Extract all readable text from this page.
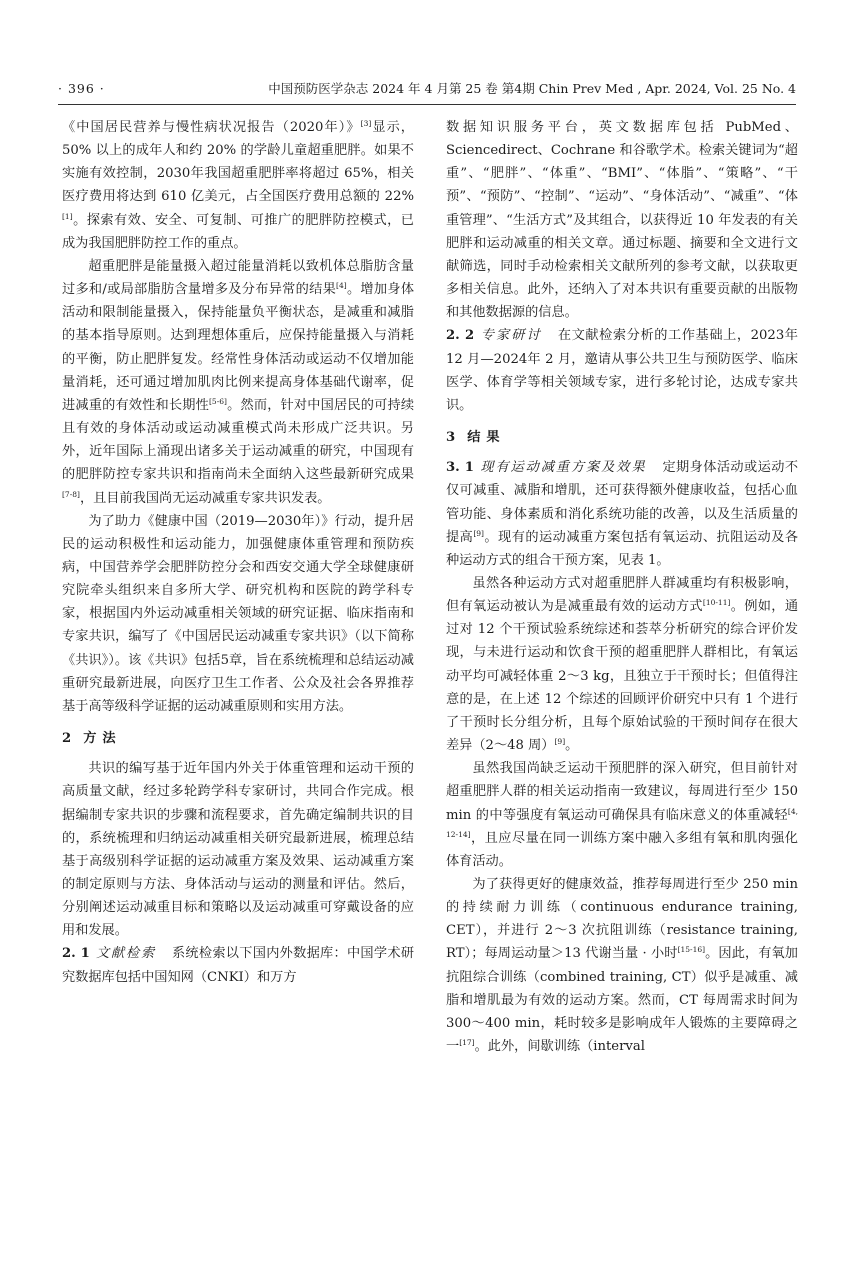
· 396 ·	中国预防医学杂志 2024 年 4 月第 25 卷 第4期 Chin Prev Med , Apr. 2024, Vol. 25 No. 4

《中国居民营养与慢性病状况报告（2020年）》[3]显示，50% 以上的成年人和约 20% 的学龄儿童超重肥胖。如果不实施有效控制，2030年我国超重肥胖率将超过 65%，相关医疗费用将达到 610 亿美元，占全国医疗费用总额的 22%[1]。探索有效、安全、可复制、可推广的肥胖防控模式，已成为我国肥胖防控工作的重点。

超重肥胖是能量摄入超过能量消耗以致机体总脂肪含量过多和/或局部脂肪含量增多及分布异常的结果[4]。增加身体活动和限制能量摄入，保持能量负平衡状态，是减重和减脂的基本指导原则。达到理想体重后，应保持能量摄入与消耗的平衡，防止肥胖复发。经常性身体活动或运动不仅增加能量消耗，还可通过增加肌肉比例来提高身体基础代谢率，促进减重的有效性和长期性[5-6]。然而，针对中国居民的可持续且有效的身体活动或运动减重模式尚未形成广泛共识。另外，近年国际上涌现出诸多关于运动减重的研究，中国现有的肥胖防控专家共识和指南尚未全面纳入这些最新研究成果[7-8]，且目前我国尚无运动减重专家共识发表。

为了助力《健康中国（2019—2030年）》行动，提升居民的运动积极性和运动能力，加强健康体重管理和预防疾病，中国营养学会肥胖防控分会和西安交通大学全球健康研究院牵头组织来自多所大学、研究机构和医院的跨学科专家，根据国内外运动减重相关领域的研究证据、临床指南和专家共识，编写了《中国居民运动减重专家共识》（以下简称《共识》）。该《共识》包括5章，旨在系统梳理和总结运动减重研究最新进展，向医疗卫生工作者、公众及社会各界推荐基于高等级科学证据的运动减重原则和实用方法。

2 方法

共识的编写基于近年国内外关于体重管理和运动干预的高质量文献，经过多轮跨学科专家研讨，共同合作完成。根据编制专家共识的步骤和流程要求，首先确定编制共识的目的，系统梳理和归纳运动减重相关研究最新进展，梳理总结基于高级别科学证据的运动减重方案及效果、运动减重方案的制定原则与方法、身体活动与运动的测量和评估。然后，分别阐述运动减重目标和策略以及运动减重可穿戴设备的应用和发展。

2. 1 文献检索 系统检索以下国内外数据库：中国学术研究数据库包括中国知网（CNKI）和万方

数据知识服务平台，英文数据库包括 PubMed、Sciencedirect、Cochrane 和谷歌学术。检索关键词为“超重”、“肥胖”、“体重”、“BMI”、“体脂”、“策略”、“干预”、“预防”、“控制”、“运动”、“身体活动”、“减重”、“体重管理”、“生活方式”及其组合，以获得近 10 年发表的有关肥胖和运动减重的相关文章。通过标题、摘要和全文进行文献筛选，同时手动检索相关文献所列的参考文献，以获取更多相关信息。此外，还纳入了对本共识有重要贡献的出版物和其他数据源的信息。

2. 2 专家研讨 在文献检索分析的工作基础上，2023年 12 月—2024年 2 月，邀请从事公共卫生与预防医学、临床医学、体育学等相关领域专家，进行多轮讨论，达成专家共识。

3 结果

3. 1 现有运动减重方案及效果 定期身体活动或运动不仅可减重、减脂和增肌，还可获得额外健康收益，包括心血管功能、身体素质和消化系统功能的改善，以及生活质量的提高[9]。现有的运动减重方案包括有氧运动、抗阻运动及各种运动方式的组合干预方案，见表 1。

虽然各种运动方式对超重肥胖人群减重均有积极影响，但有氧运动被认为是减重最有效的运动方式[10-11]。例如，通过对 12 个干预试验系统综述和荟萃分析研究的综合评价发现，与未进行运动和饮食干预的超重肥胖人群相比，有氧运动平均可减轻体重 2～3 kg，且独立于干预时长；但值得注意的是，在上述 12 个综述的回顾评价研究中只有 1 个进行了干预时长分组分析，且每个原始试验的干预时间存在很大差异（2～48 周）[9]。

虽然我国尚缺乏运动干预肥胖的深入研究，但目前针对超重肥胖人群的相关运动指南一致建议，每周进行至少 150 min 的中等强度有氧运动可确保具有临床意义的体重减轻[4, 12-14]，且应尽量在同一训练方案中融入多组有氧和肌肉强化体育活动。

为了获得更好的健康效益，推荐每周进行至少 250 min 的持续耐力训练（continuous endurance training, CET），并进行 2～3 次抗阻训练（resistance training, RT）；每周运动量＞13 代谢当量 · 小时[15-16]。因此，有氧加抗阻综合训练（combined training, CT）似乎是减重、减脂和增肌最为有效的运动方案。然而，CT 每周需求时间为 300～400 min，耗时较多是影响成年人锻炼的主要障碍之一[17]。此外，间歇训练（interval
